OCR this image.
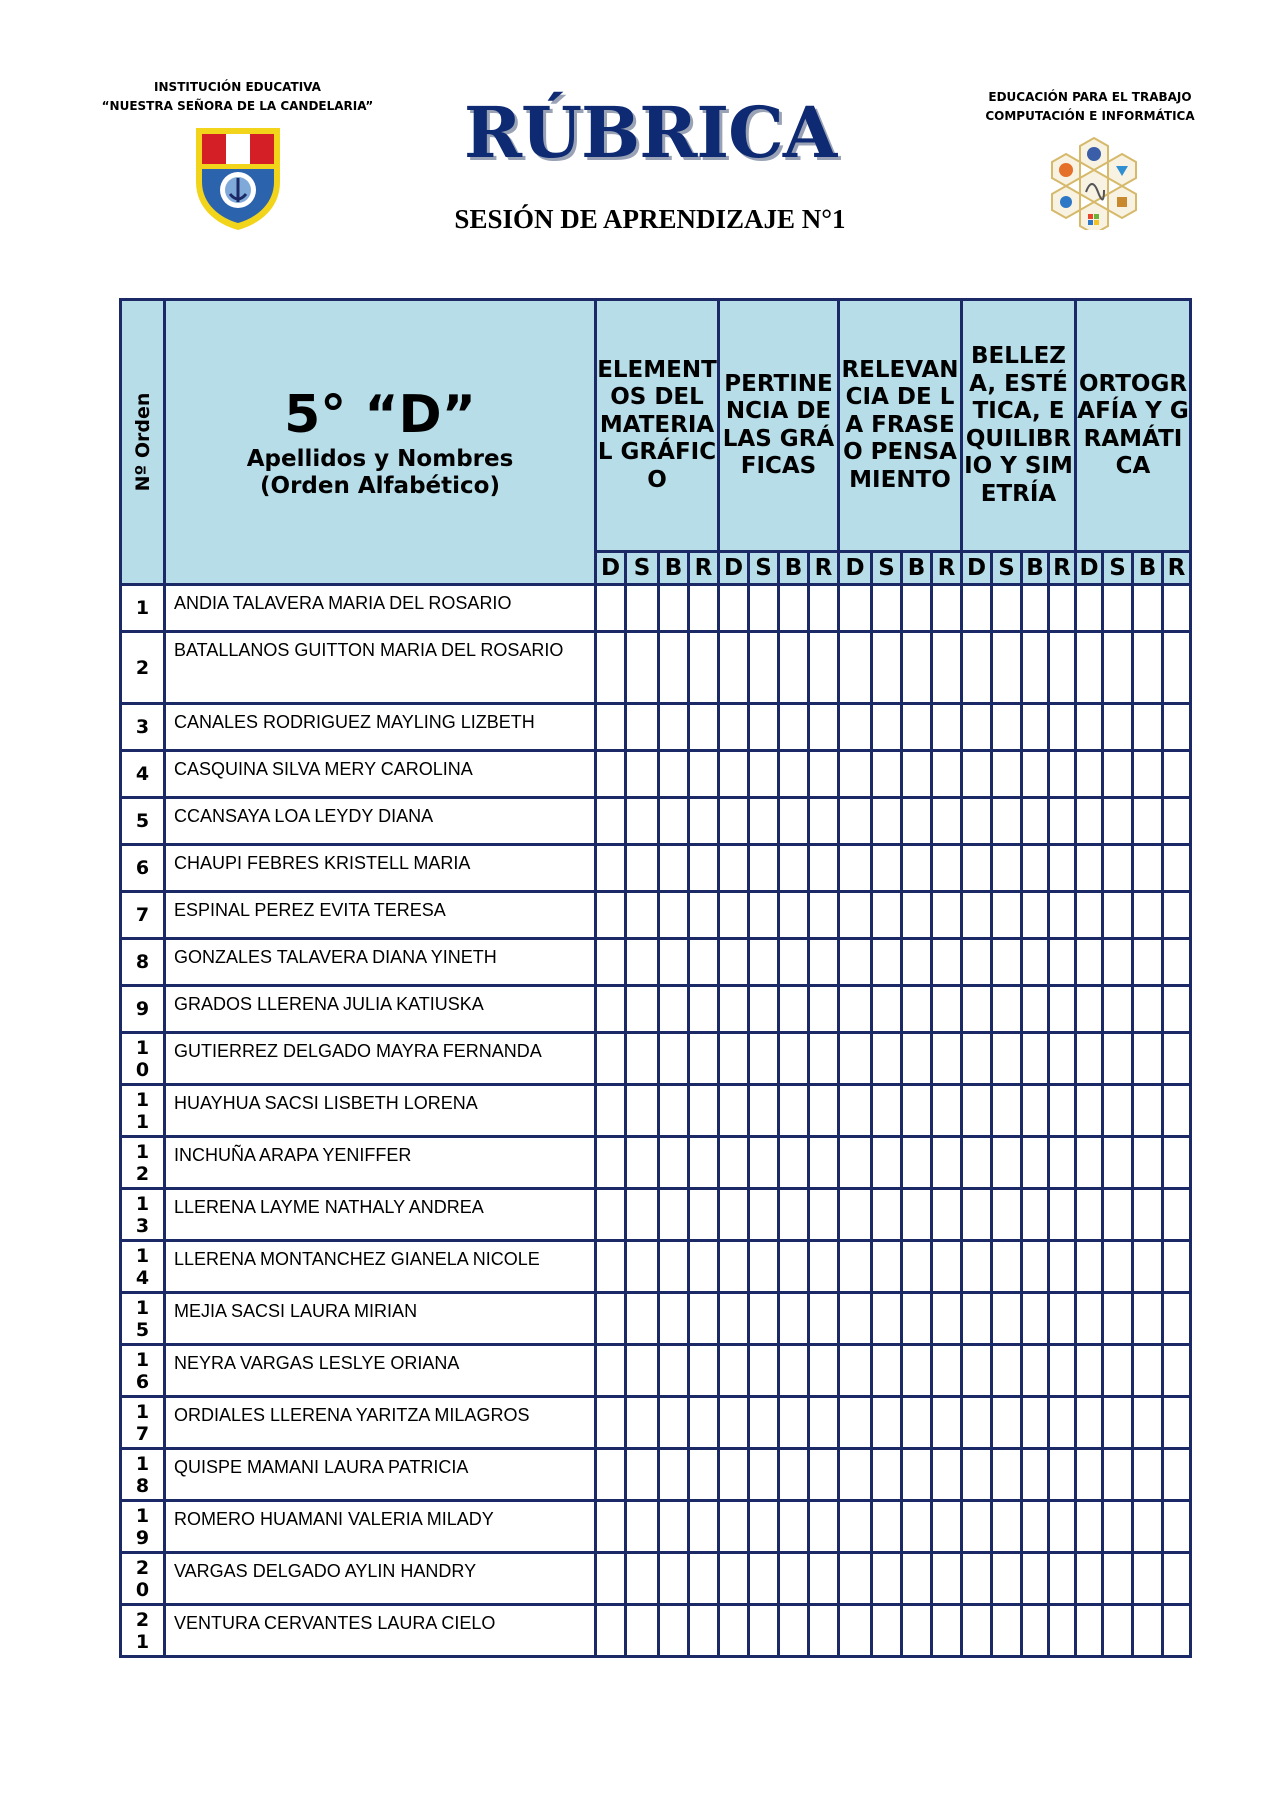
INSTITUCIÓN EDUCATIVA
“NUESTRA SEÑORA DE LA CANDELARIA”	RÚBRICA
SESIÓN DE APRENDIZAJE N°1
EDUCACIÓN PARA EL TRABAJO
COMPUTACIÓN E INFORMÁTICA
Nº Orden	5° “D”
Apellidos y Nombres
(Orden Alfabético)	ELEMENTOS DEL MATERIAL GRÁFICO				PERTINENCIA DE LAS GRÁFICAS				RELEVANCIA DE LA FRASE O PENSAMIENTO				BELLEZA, ESTÉTICA, EQUILIBRIO Y SIMETRÍA				ORTOGRAFÍA Y GRAMÁTICA			
		D	S	B	R	D	S	B	R	D	S	B	R	D	S	B	R	D	S	B	R
1	ANDIA TALAVERA MARIA DEL ROSARIO																				
2	BATALLANOS GUITTON MARIA DEL ROSARIO																				
3	CANALES RODRIGUEZ MAYLING LIZBETH																				
4	CASQUINA SILVA MERY CAROLINA																				
5	CCANSAYA LOA LEYDY DIANA																				
6	CHAUPI FEBRES KRISTELL MARIA																				
7	ESPINAL PEREZ EVITA TERESA																				
8	GONZALES TALAVERA DIANA YINETH																				
9	GRADOS LLERENA JULIA KATIUSKA																				
10	GUTIERREZ DELGADO MAYRA FERNANDA																				
11	HUAYHUA SACSI LISBETH LORENA																				
12	INCHUÑA ARAPA YENIFFER																				
13	LLERENA LAYME NATHALY ANDREA																				
14	LLERENA MONTANCHEZ GIANELA NICOLE																				
15	MEJIA SACSI LAURA MIRIAN																				
16	NEYRA VARGAS LESLYE ORIANA																				
17	ORDIALES LLERENA YARITZA MILAGROS																				
18	QUISPE MAMANI LAURA PATRICIA																				
19	ROMERO HUAMANI VALERIA MILADY																				
20	VARGAS DELGADO AYLIN HANDRY																				
21	VENTURA CERVANTES LAURA CIELO																				
